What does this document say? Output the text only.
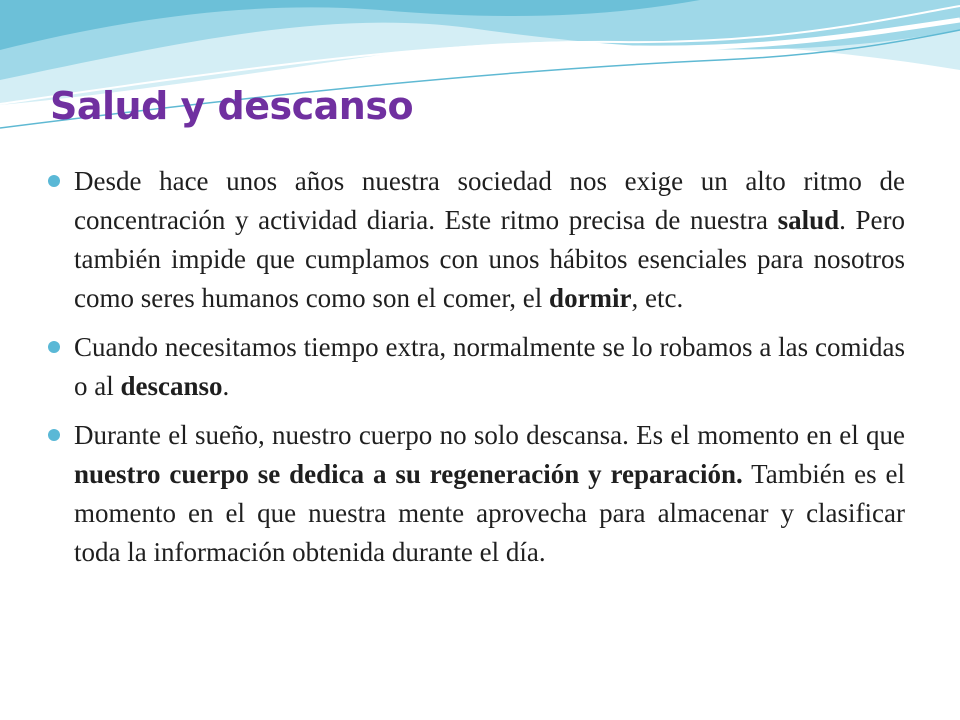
Salud y descanso
Desde hace unos años nuestra sociedad nos exige un alto ritmo de concentración y actividad diaria. Este ritmo precisa de nuestra salud. Pero también impide que cumplamos con unos hábitos esenciales para nosotros como seres humanos como son el comer, el dormir, etc.
Cuando necesitamos tiempo extra, normalmente se lo robamos a las comidas o al descanso.
Durante el sueño, nuestro cuerpo no solo descansa. Es el momento en el que nuestro cuerpo se dedica a su regeneración y reparación. También es el momento en el que nuestra mente aprovecha para almacenar y clasificar toda la información obtenida durante el día.
